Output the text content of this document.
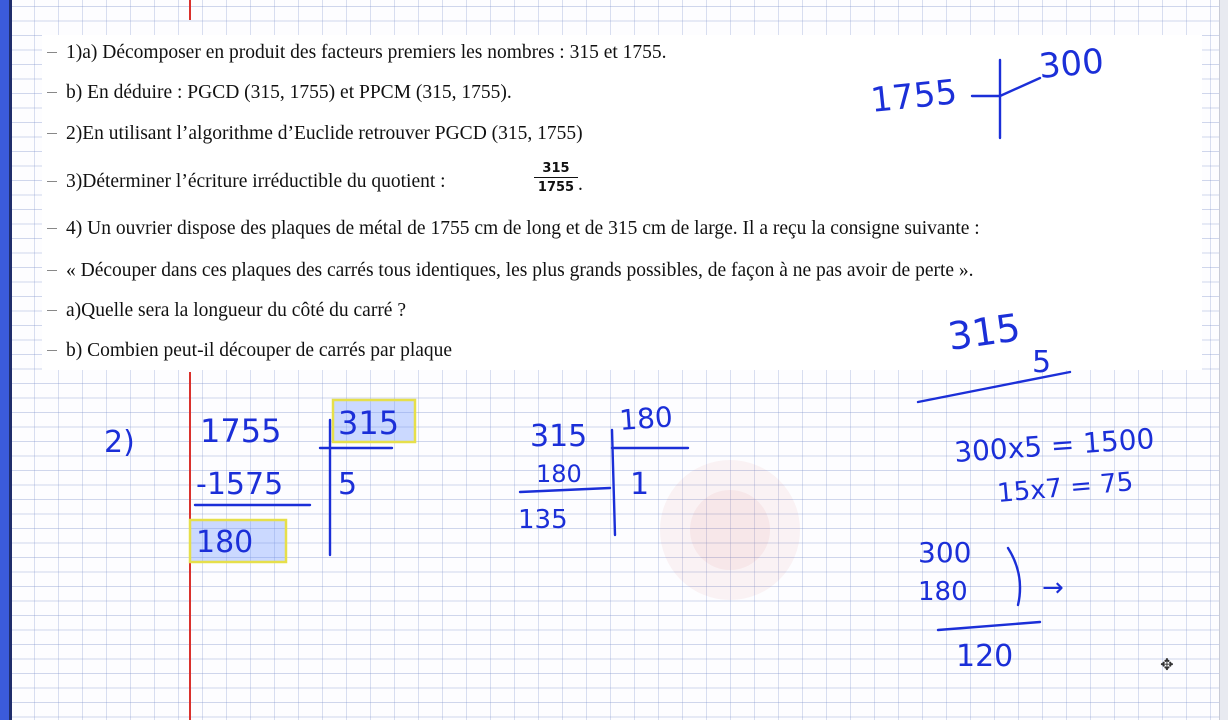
1)a) Décomposer en produit des facteurs premiers les nombres : 315 et 1755.
b) En déduire : PGCD (315, 1755) et PPCM (315, 1755).
2)En utilisant l’algorithme d’Euclide retrouver PGCD (315, 1755)
3)Déterminer l’écriture irréductible du quotient :	$\frac{315}{1755}$ .
4) Un ouvrier dispose des plaques de métal de 1755 cm de long et de 315 cm de large. Il a reçu la consigne suivante :
« Découper dans ces plaques des carrés tous identiques, les plus grands possibles, de façon à ne pas avoir de perte ».
a)Quelle sera la longueur du côté du carré ?
b) Combien peut-il découper de carrés par plaque
1755
300
2) 1755 315
-1575 5
180
315 180
180 1
135
315
5
300x5 = 1500
15x7 = 75
300
180	→
120	✥
